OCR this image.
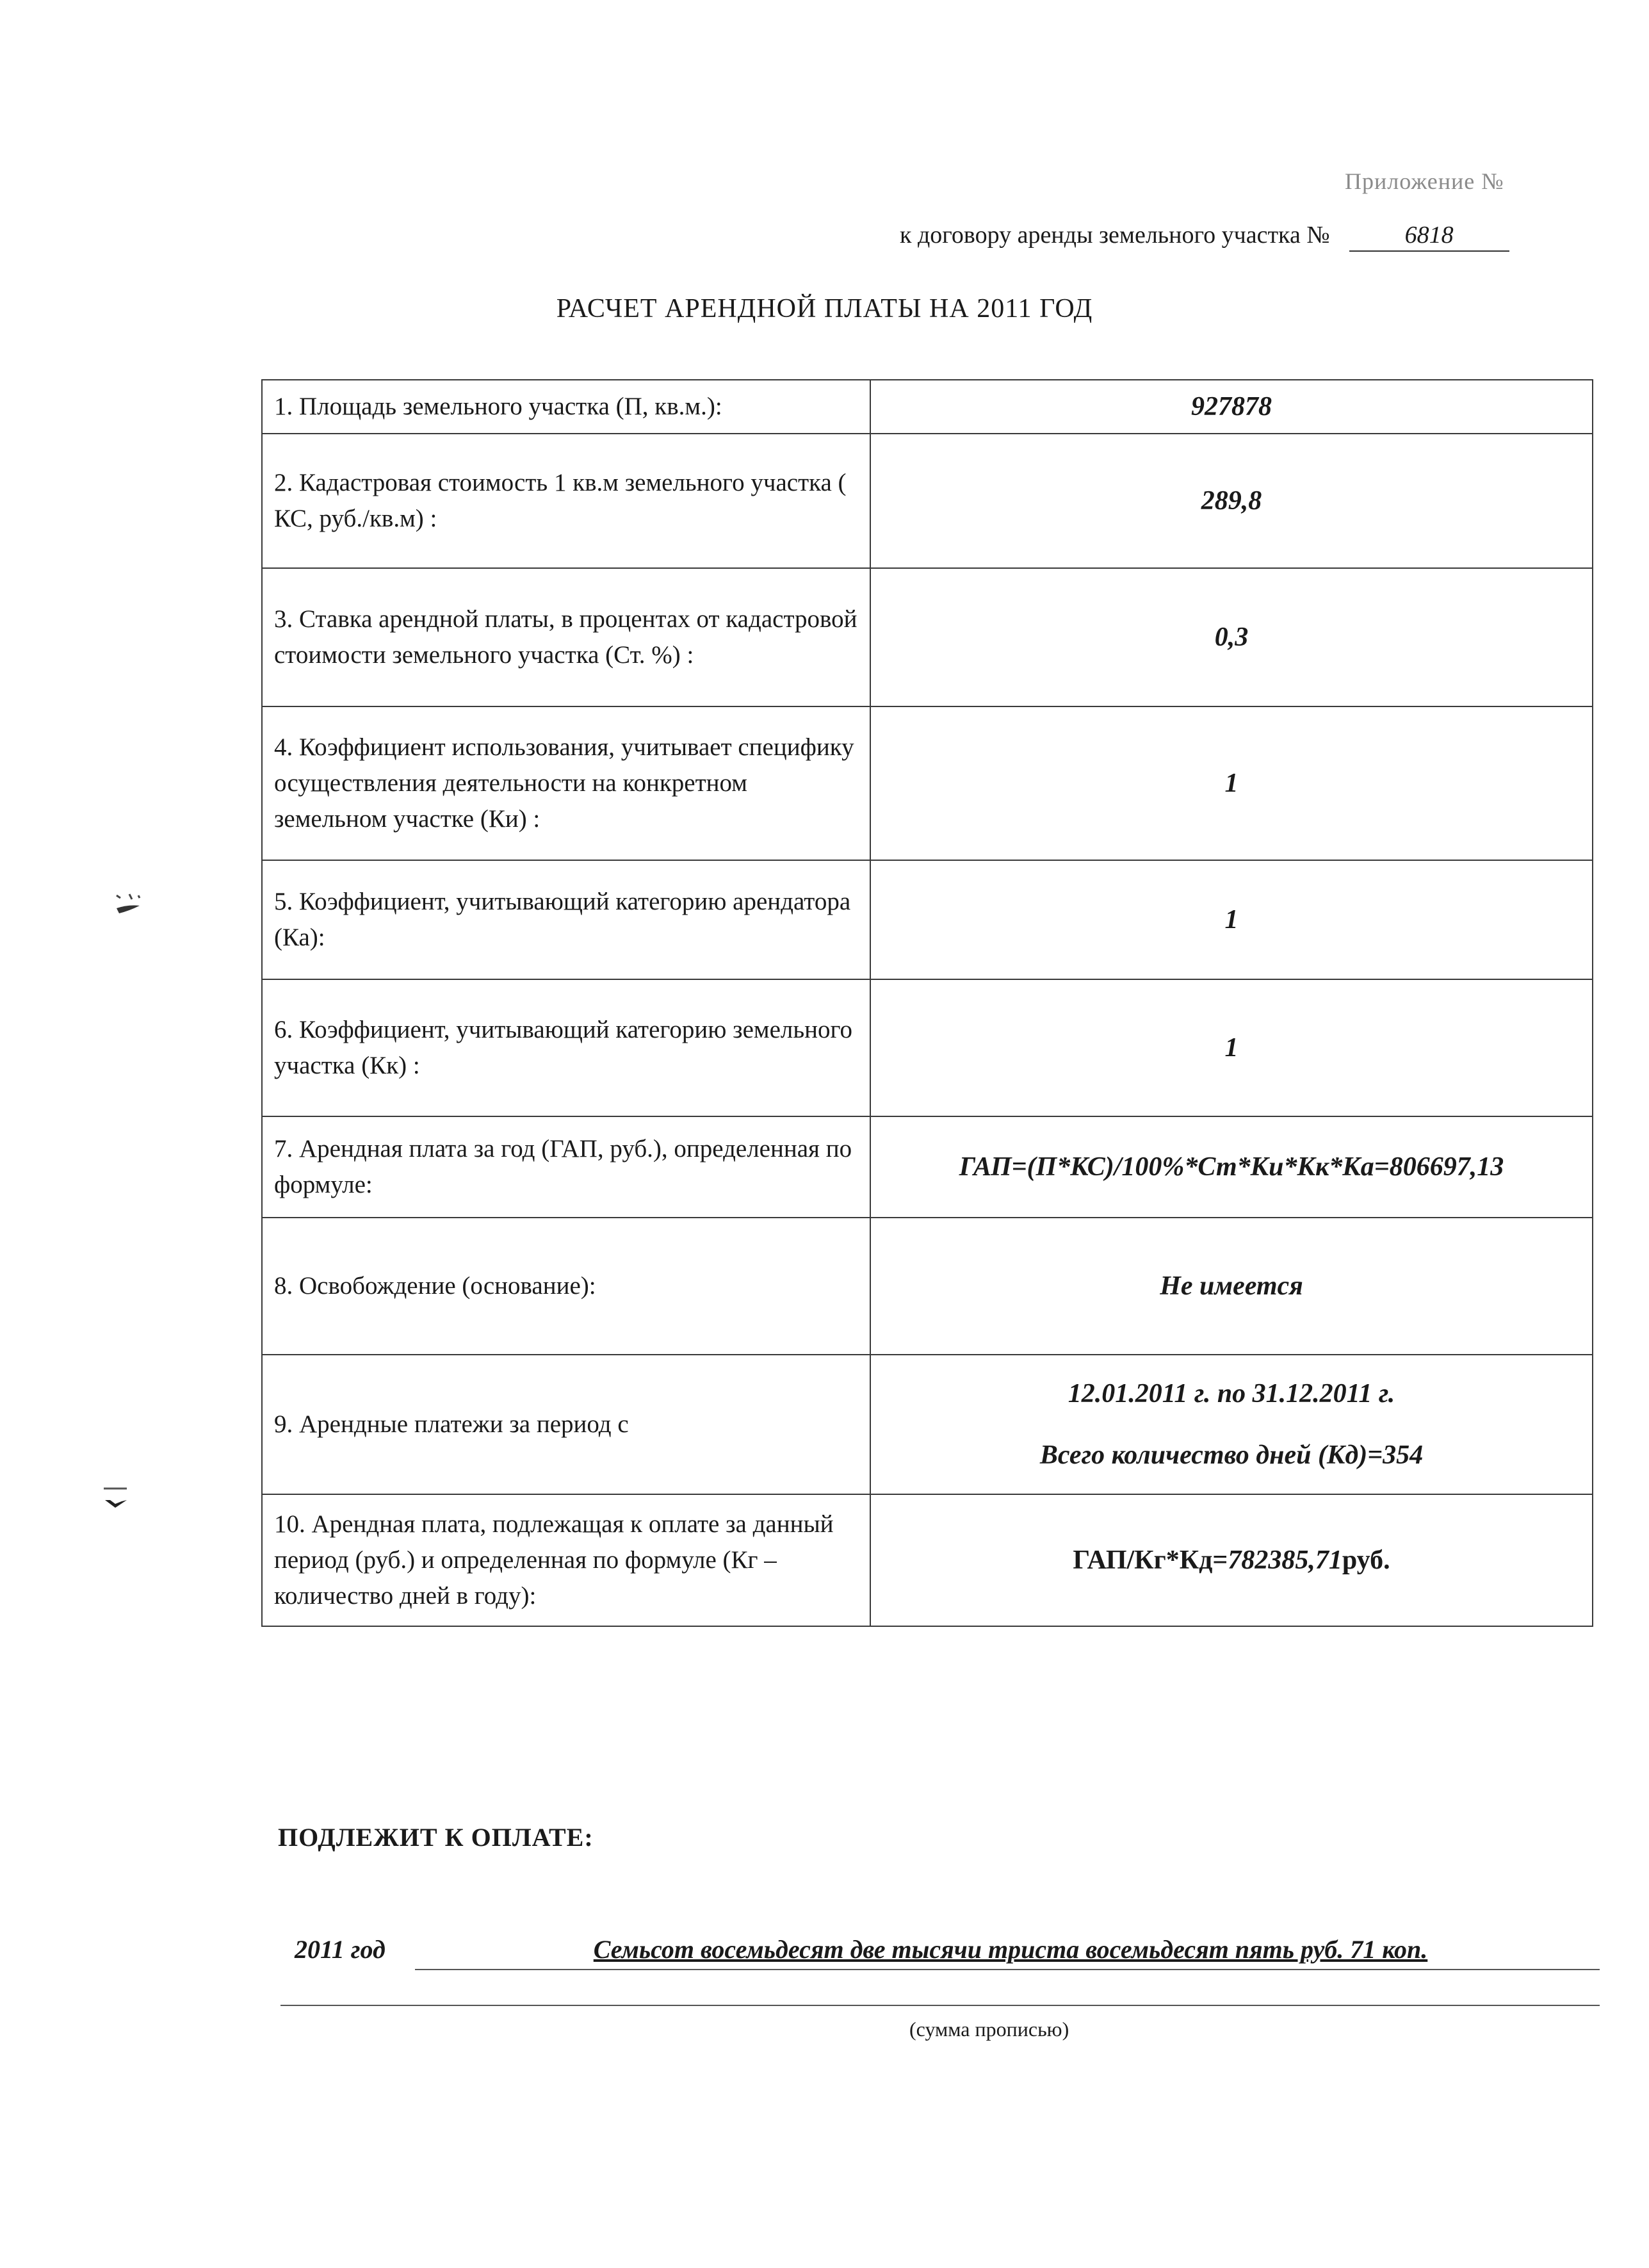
Приложение №
к договору аренды земельного участка №	6818
РАСЧЕТ АРЕНДНОЙ ПЛАТЫ НА 2011 ГОД
1. Площадь земельного участка (П, кв.м.):	927878
2. Кадастровая стоимость 1 кв.м земельного участка ( КС, руб./кв.м) :	289,8
3. Ставка арендной платы, в процентах от кадастровой стоимости земельного участка (Ст. %) :	0,3
4. Коэффициент использования, учитывает специфику осуществления деятельности на конкретном земельном участке (Ки) :	1
5. Коэффициент, учитывающий категорию арендатора (Ка):	1
6. Коэффициент, учитывающий категорию земельного участка (Кк) :	1
7. Арендная плата за год (ГАП, руб.), определенная по формуле:	ГАП=(П*КС)/100%*Ст*Ки*Кк*Ка=806697,13
8. Освобождение (основание):	Не имеется
9. Арендные платежи за период с	12.01.2011 г. по 31.12.2011 г.
Всего количество дней (Кд)=354

10. Арендная плата, подлежащая к оплате за данный период (руб.) и определенная по формуле (Кг – количество дней в году):	ГАП/Кг*Кд=782385,71руб.
ПОДЛЕЖИТ К ОПЛАТЕ:
2011 год	Семьсот восемьдесят две тысячи триста восемьдесят пять руб. 71 коп.
(сумма прописью)
